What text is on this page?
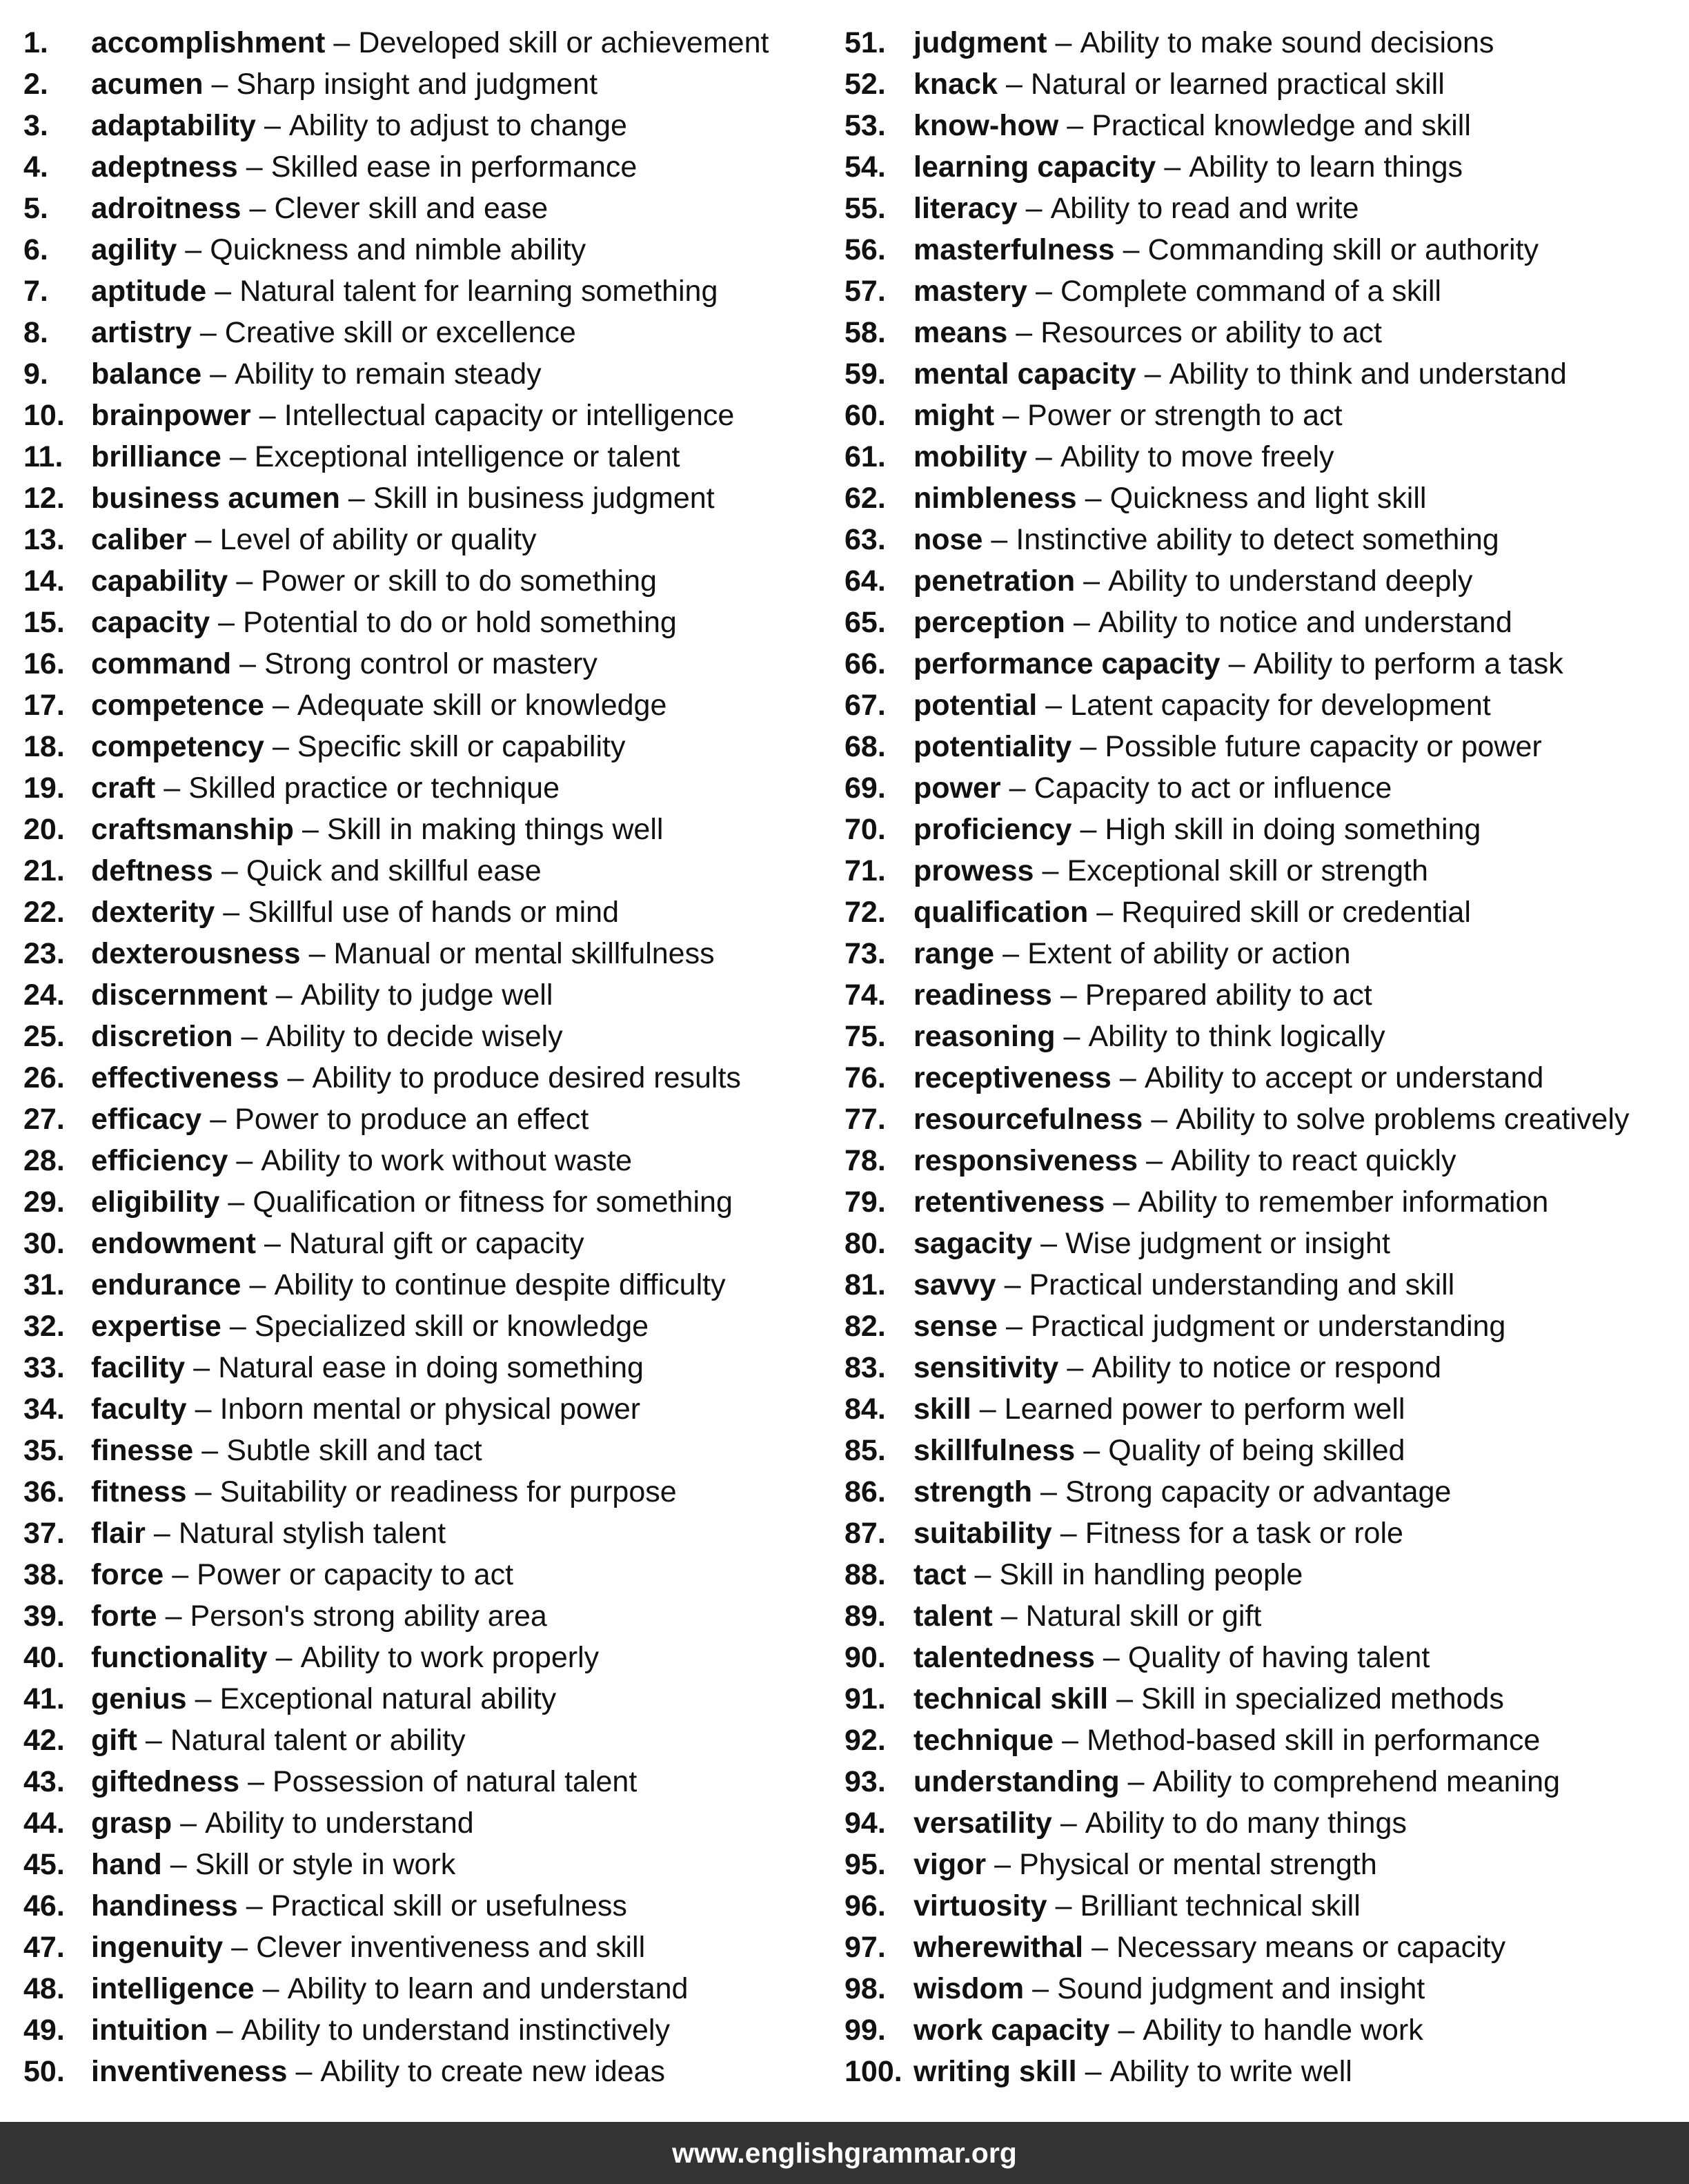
1.	accomplishment – Developed skill or achievement
2.	acumen – Sharp insight and judgment
3.	adaptability – Ability to adjust to change
4.	adeptness – Skilled ease in performance
5.	adroitness – Clever skill and ease
6.	agility – Quickness and nimble ability
7.	aptitude – Natural talent for learning something
8.	artistry – Creative skill or excellence
9.	balance – Ability to remain steady
10. brainpower – Intellectual capacity or intelligence
11. brilliance – Exceptional intelligence or talent
12. business acumen – Skill in business judgment
13. caliber – Level of ability or quality
14. capability – Power or skill to do something
15. capacity – Potential to do or hold something
16. command – Strong control or mastery
17. competence – Adequate skill or knowledge
18. competency – Specific skill or capability
19. craft – Skilled practice or technique
20. craftsmanship – Skill in making things well
21. deftness – Quick and skillful ease
22. dexterity – Skillful use of hands or mind
23. dexterousness – Manual or mental skillfulness
24. discernment – Ability to judge well
25. discretion – Ability to decide wisely
26. effectiveness – Ability to produce desired results
27. efficacy – Power to produce an effect
28. efficiency – Ability to work without waste
29. eligibility – Qualification or fitness for something
30. endowment – Natural gift or capacity
31. endurance – Ability to continue despite difficulty
32. expertise – Specialized skill or knowledge
33. facility – Natural ease in doing something
34. faculty – Inborn mental or physical power
35. finesse – Subtle skill and tact
36. fitness – Suitability or readiness for purpose
37. flair – Natural stylish talent
38. force – Power or capacity to act
39. forte – Person's strong ability area
40. functionality – Ability to work properly
41. genius – Exceptional natural ability
42. gift – Natural talent or ability
43. giftedness – Possession of natural talent
44. grasp – Ability to understand
45. hand – Skill or style in work
46. handiness – Practical skill or usefulness
47. ingenuity – Clever inventiveness and skill
48. intelligence – Ability to learn and understand
49. intuition – Ability to understand instinctively
50. inventiveness – Ability to create new ideas
51. judgment – Ability to make sound decisions
52. knack – Natural or learned practical skill
53. know-how – Practical knowledge and skill
54. learning capacity – Ability to learn things
55. literacy – Ability to read and write
56. masterfulness – Commanding skill or authority
57. mastery – Complete command of a skill
58. means – Resources or ability to act
59. mental capacity – Ability to think and understand
60. might – Power or strength to act
61. mobility – Ability to move freely
62. nimbleness – Quickness and light skill
63. nose – Instinctive ability to detect something
64. penetration – Ability to understand deeply
65. perception – Ability to notice and understand
66. performance capacity – Ability to perform a task
67. potential – Latent capacity for development
68. potentiality – Possible future capacity or power
69. power – Capacity to act or influence
70. proficiency – High skill in doing something
71. prowess – Exceptional skill or strength
72. qualification – Required skill or credential
73. range – Extent of ability or action
74. readiness – Prepared ability to act
75. reasoning – Ability to think logically
76. receptiveness – Ability to accept or understand
77. resourcefulness – Ability to solve problems creatively
78. responsiveness – Ability to react quickly
79. retentiveness – Ability to remember information
80. sagacity – Wise judgment or insight
81. savvy – Practical understanding and skill
82. sense – Practical judgment or understanding
83. sensitivity – Ability to notice or respond
84. skill – Learned power to perform well
85. skillfulness – Quality of being skilled
86. strength – Strong capacity or advantage
87. suitability – Fitness for a task or role
88. tact – Skill in handling people
89. talent – Natural skill or gift
90. talentedness – Quality of having talent
91. technical skill – Skill in specialized methods
92. technique – Method-based skill in performance
93. understanding – Ability to comprehend meaning
94. versatility – Ability to do many things
95. vigor – Physical or mental strength
96. virtuosity – Brilliant technical skill
97. wherewithal – Necessary means or capacity
98. wisdom – Sound judgment and insight
99. work capacity – Ability to handle work
100. writing skill – Ability to write well
www.englishgrammar.org
